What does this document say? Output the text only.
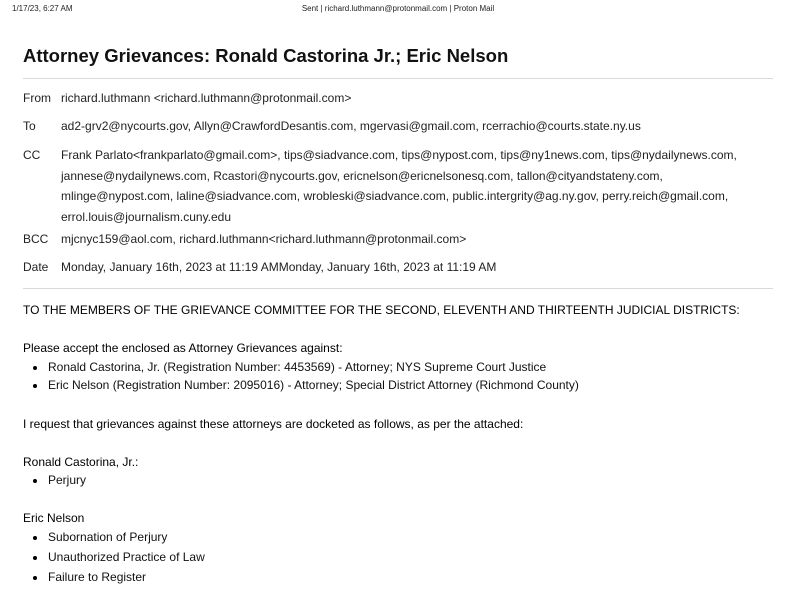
1/17/23, 6:27 AM	Sent | richard.luthmann@protonmail.com | Proton Mail
Attorney Grievances: Ronald Castorina Jr.; Eric Nelson
From richard.luthmann <richard.luthmann@protonmail.com>
To ad2-grv2@nycourts.gov, Allyn@CrawfordDesantis.com, mgervasi@gmail.com, rcerrachio@courts.state.ny.us
CC Frank Parlato<frankparlato@gmail.com>, tips@siadvance.com, tips@nypost.com, tips@ny1news.com, tips@nydailynews.com,
jannese@nydailynews.com, Rcastori@nycourts.gov, ericnelson@ericnelsonesq.com, tallon@cityandstateny.com,
mlinge@nypost.com, laline@siadvance.com, wrobleski@siadvance.com, public.intergrity@ag.ny.gov, perry.reich@gmail.com,
errol.louis@journalism.cuny.edu
BCC mjcnyc159@aol.com, richard.luthmann<richard.luthmann@protonmail.com>
Date Monday, January 16th, 2023 at 11:19 AMMonday, January 16th, 2023 at 11:19 AM
TO THE MEMBERS OF THE GRIEVANCE COMMITTEE FOR THE SECOND, ELEVENTH AND THIRTEENTH JUDICIAL DISTRICTS:
Please accept the enclosed as Attorney Grievances against:
Ronald Castorina, Jr. (Registration Number: 4453569) - Attorney; NYS Supreme Court Justice
Eric Nelson (Registration Number: 2095016) - Attorney; Special District Attorney (Richmond County)
I request that grievances against these attorneys are docketed as follows, as per the attached:
Ronald Castorina, Jr.:
Perjury
Eric Nelson
Subornation of Perjury
Unauthorized Practice of Law
Failure to Register
